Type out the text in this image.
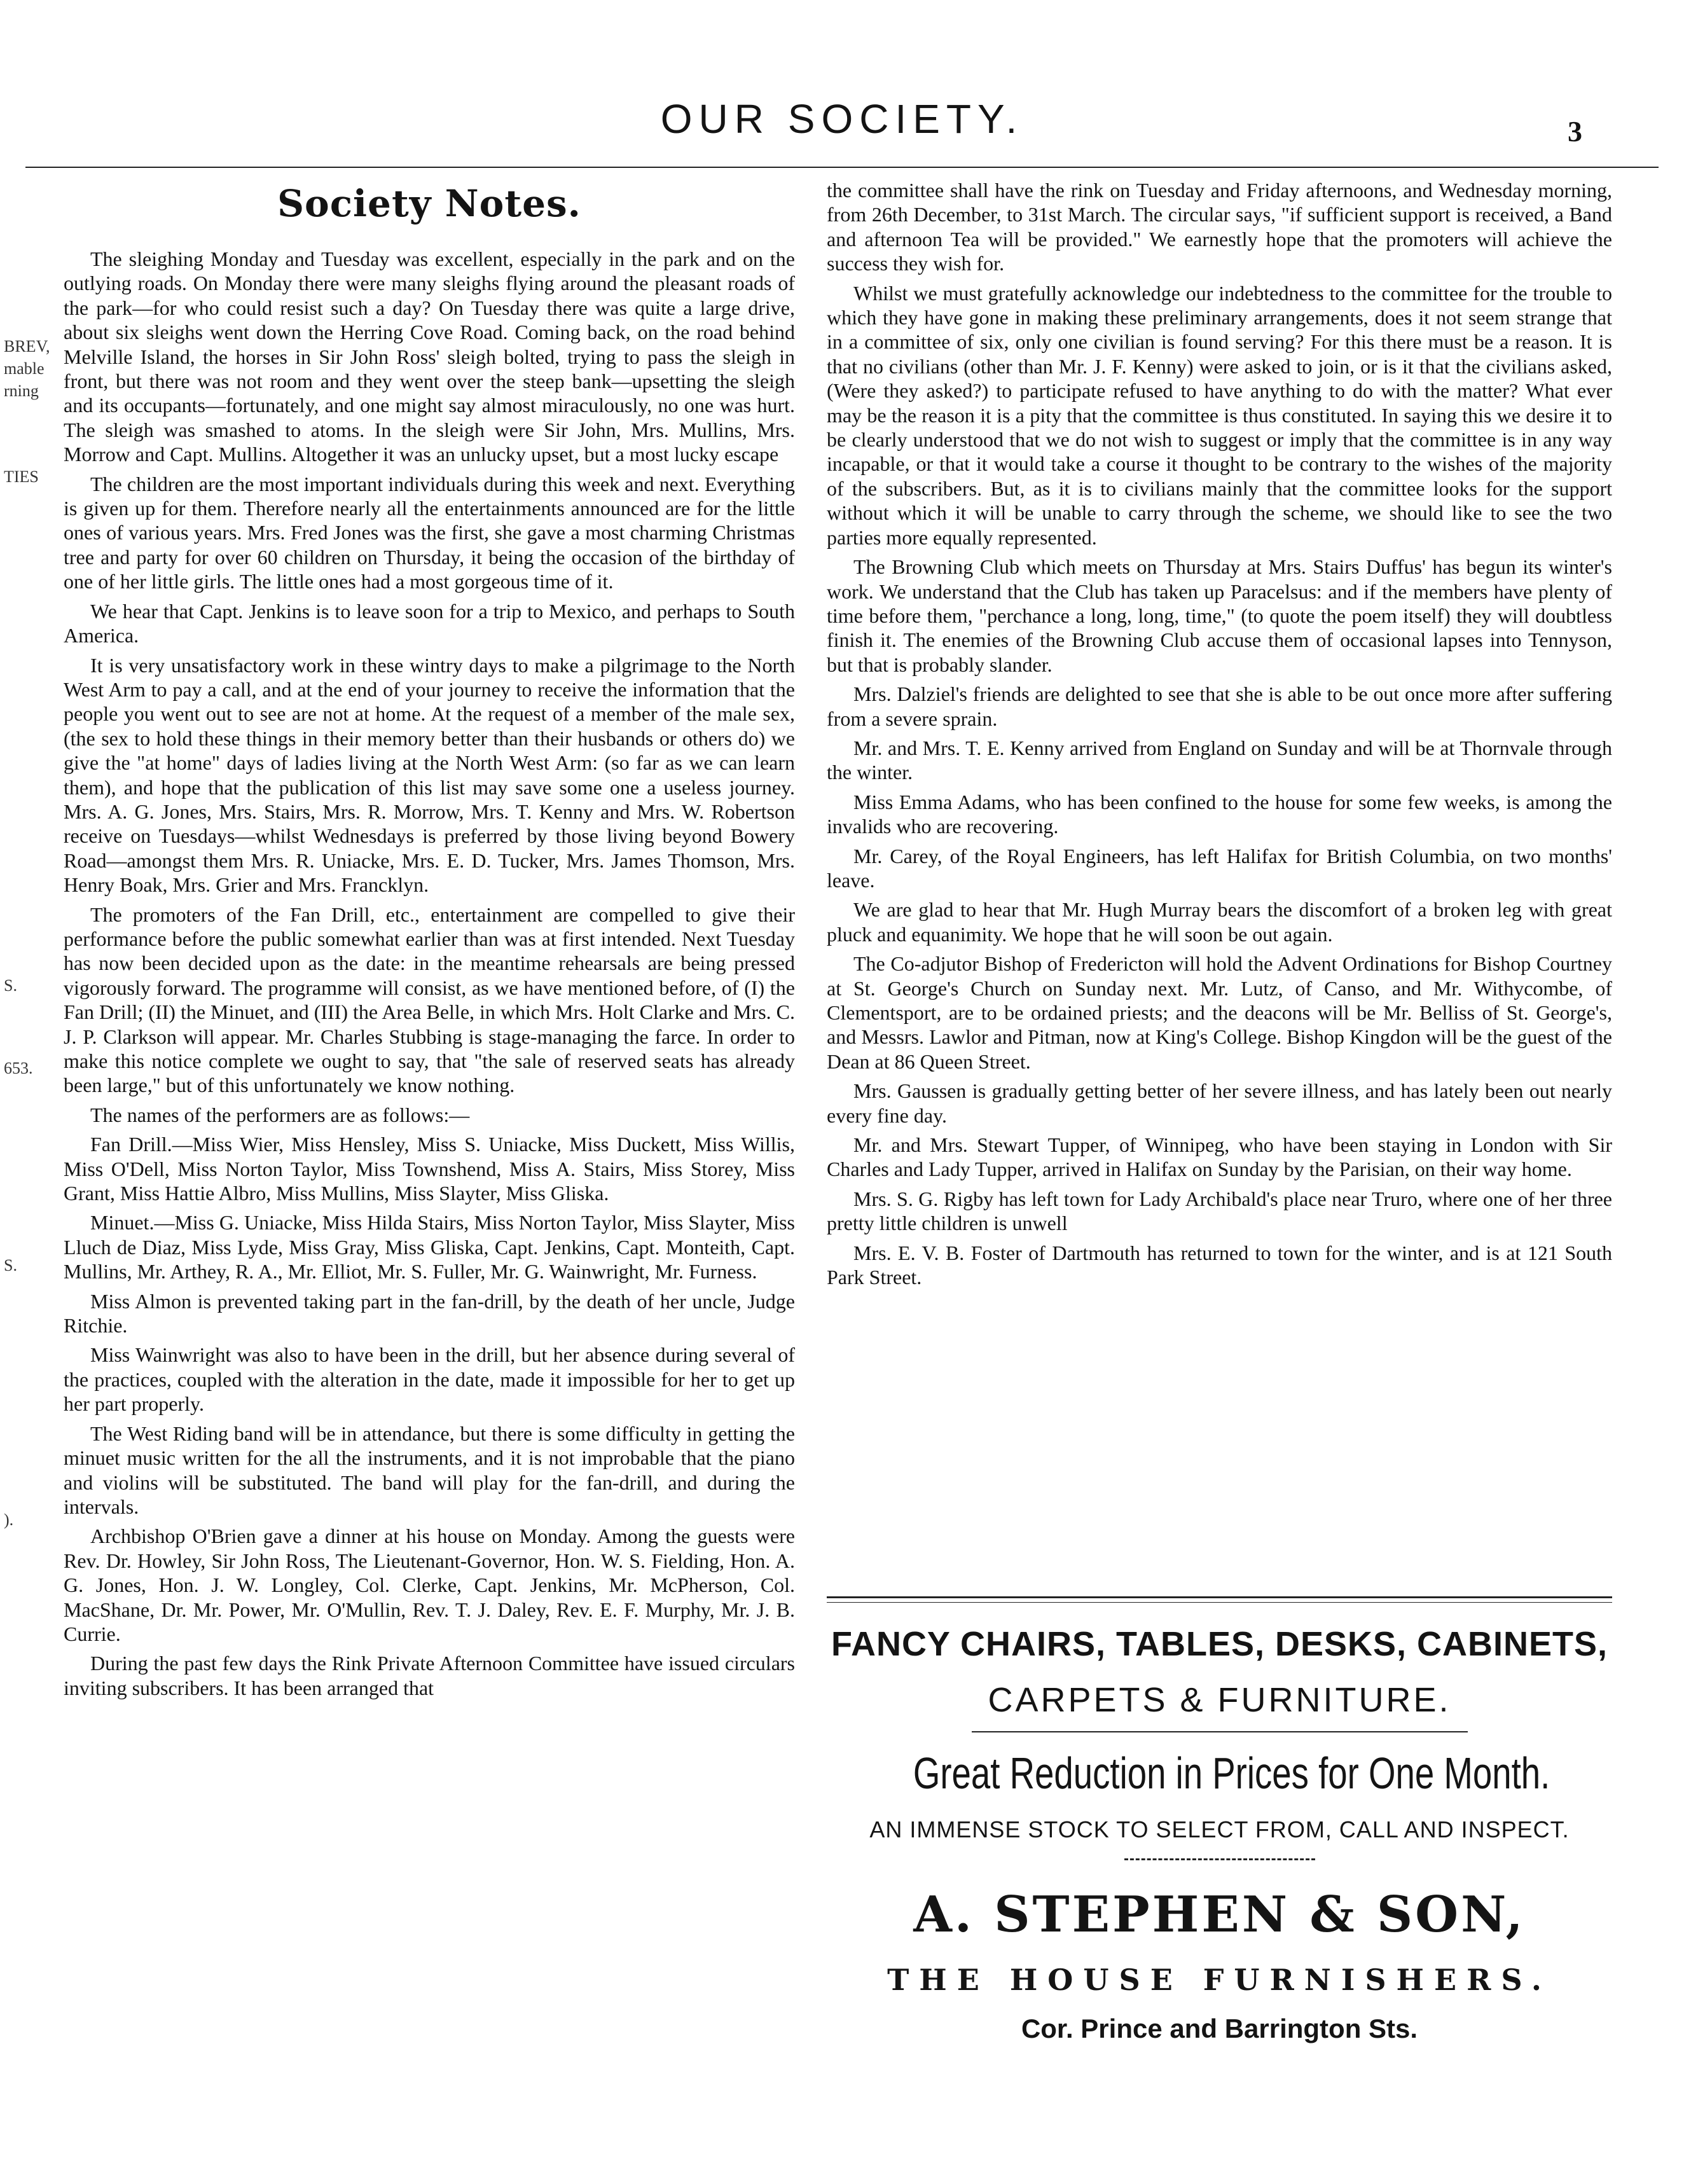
OUR SOCIETY.	3
BREV,
mable
rning
TIES
S.
653.
S.
).
Society Notes.

The sleighing Monday and Tuesday was excellent, especially in the park and on the outlying roads. On Monday there were many sleighs flying around the pleasant roads of the park—for who could resist such a day? On Tuesday there was quite a large drive, about six sleighs went down the Herring Cove Road. Coming back, on the road behind Melville Island, the horses in Sir John Ross' sleigh bolted, trying to pass the sleigh in front, but there was not room and they went over the steep bank—upsetting the sleigh and its occupants—fortunately, and one might say almost miraculously, no one was hurt. The sleigh was smashed to atoms. In the sleigh were Sir John, Mrs. Mullins, Mrs. Morrow and Capt. Mullins. Altogether it was an unlucky upset, but a most lucky escape

The children are the most important individuals during this week and next. Everything is given up for them. Therefore nearly all the entertainments announced are for the little ones of various years. Mrs. Fred Jones was the first, she gave a most charming Christmas tree and party for over 60 children on Thursday, it being the occasion of the birthday of one of her little girls. The little ones had a most gorgeous time of it.

We hear that Capt. Jenkins is to leave soon for a trip to Mexico, and perhaps to South America.

It is very unsatisfactory work in these wintry days to make a pilgrimage to the North West Arm to pay a call, and at the end of your journey to receive the information that the people you went out to see are not at home. At the request of a member of the male sex, (the sex to hold these things in their memory better than their husbands or others do) we give the "at home" days of ladies living at the North West Arm: (so far as we can learn them), and hope that the publication of this list may save some one a useless journey. Mrs. A. G. Jones, Mrs. Stairs, Mrs. R. Morrow, Mrs. T. Kenny and Mrs. W. Robertson receive on Tuesdays—whilst Wednesdays is preferred by those living beyond Bowery Road—amongst them Mrs. R. Uniacke, Mrs. E. D. Tucker, Mrs. James Thomson, Mrs. Henry Boak, Mrs. Grier and Mrs. Francklyn.

The promoters of the Fan Drill, etc., entertainment are compelled to give their performance before the public somewhat earlier than was at first intended. Next Tuesday has now been decided upon as the date: in the meantime rehearsals are being pressed vigorously forward. The programme will consist, as we have mentioned before, of (I) the Fan Drill; (II) the Minuet, and (III) the Area Belle, in which Mrs. Holt Clarke and Mrs. C. J. P. Clarkson will appear. Mr. Charles Stubbing is stage-managing the farce. In order to make this notice complete we ought to say, that "the sale of reserved seats has already been large," but of this unfortunately we know nothing.

The names of the performers are as follows:—

Fan Drill.—Miss Wier, Miss Hensley, Miss S. Uniacke, Miss Duckett, Miss Willis, Miss O'Dell, Miss Norton Taylor, Miss Townshend, Miss A. Stairs, Miss Storey, Miss Grant, Miss Hattie Albro, Miss Mullins, Miss Slayter, Miss Gliska.

Minuet.—Miss G. Uniacke, Miss Hilda Stairs, Miss Norton Taylor, Miss Slayter, Miss Lluch de Diaz, Miss Lyde, Miss Gray, Miss Gliska, Capt. Jenkins, Capt. Monteith, Capt. Mullins, Mr. Arthey, R. A., Mr. Elliot, Mr. S. Fuller, Mr. G. Wainwright, Mr. Furness.

Miss Almon is prevented taking part in the fan-drill, by the death of her uncle, Judge Ritchie.

Miss Wainwright was also to have been in the drill, but her absence during several of the practices, coupled with the alteration in the date, made it impossible for her to get up her part properly.

The West Riding band will be in attendance, but there is some difficulty in getting the minuet music written for the all the instruments, and it is not improbable that the piano and violins will be substituted. The band will play for the fan-drill, and during the intervals.

Archbishop O'Brien gave a dinner at his house on Monday. Among the guests were Rev. Dr. Howley, Sir John Ross, The Lieutenant-Governor, Hon. W. S. Fielding, Hon. A. G. Jones, Hon. J. W. Longley, Col. Clerke, Capt. Jenkins, Mr. McPherson, Col. MacShane, Dr. Mr. Power, Mr. O'Mullin, Rev. T. J. Daley, Rev. E. F. Murphy, Mr. J. B. Currie.

During the past few days the Rink Private Afternoon Committee have issued circulars inviting subscribers. It has been arranged that

the committee shall have the rink on Tuesday and Friday afternoons, and Wednesday morning, from 26th December, to 31st March. The circular says, "if sufficient support is received, a Band and afternoon Tea will be provided." We earnestly hope that the promoters will achieve the success they wish for.

Whilst we must gratefully acknowledge our indebtedness to the committee for the trouble to which they have gone in making these preliminary arrangements, does it not seem strange that in a committee of six, only one civilian is found serving? For this there must be a reason. It is that no civilians (other than Mr. J. F. Kenny) were asked to join, or is it that the civilians asked, (Were they asked?) to participate refused to have anything to do with the matter? What ever may be the reason it is a pity that the committee is thus constituted. In saying this we desire it to be clearly understood that we do not wish to suggest or imply that the committee is in any way incapable, or that it would take a course it thought to be contrary to the wishes of the majority of the subscribers. But, as it is to civilians mainly that the committee looks for the support without which it will be unable to carry through the scheme, we should like to see the two parties more equally represented.

The Browning Club which meets on Thursday at Mrs. Stairs Duffus' has begun its winter's work. We understand that the Club has taken up Paracelsus: and if the members have plenty of time before them, "perchance a long, long, time," (to quote the poem itself) they will doubtless finish it. The enemies of the Browning Club accuse them of occasional lapses into Tennyson, but that is probably slander.

Mrs. Dalziel's friends are delighted to see that she is able to be out once more after suffering from a severe sprain.

Mr. and Mrs. T. E. Kenny arrived from England on Sunday and will be at Thornvale through the winter.

Miss Emma Adams, who has been confined to the house for some few weeks, is among the invalids who are recovering.

Mr. Carey, of the Royal Engineers, has left Halifax for British Columbia, on two months' leave.

We are glad to hear that Mr. Hugh Murray bears the discomfort of a broken leg with great pluck and equanimity. We hope that he will soon be out again.

The Co-adjutor Bishop of Fredericton will hold the Advent Ordinations for Bishop Courtney at St. George's Church on Sunday next. Mr. Lutz, of Canso, and Mr. Withycombe, of Clementsport, are to be ordained priests; and the deacons will be Mr. Belliss of St. George's, and Messrs. Lawlor and Pitman, now at King's College. Bishop Kingdon will be the guest of the Dean at 86 Queen Street.

Mrs. Gaussen is gradually getting better of her severe illness, and has lately been out nearly every fine day.

Mr. and Mrs. Stewart Tupper, of Winnipeg, who have been staying in London with Sir Charles and Lady Tupper, arrived in Halifax on Sunday by the Parisian, on their way home.

Mrs. S. G. Rigby has left town for Lady Archibald's place near Truro, where one of her three pretty little children is unwell

Mrs. E. V. B. Foster of Dartmouth has returned to town for the winter, and is at 121 South Park Street.

FANCY CHAIRS, TABLES, DESKS, CABINETS,
CARPETS & FURNITURE.
Great Reduction in Prices for One Month.
AN IMMENSE STOCK TO SELECT FROM, CALL AND INSPECT.
A. STEPHEN & SON,
THE HOUSE FURNISHERS.
Cor. Prince and Barrington Sts.
